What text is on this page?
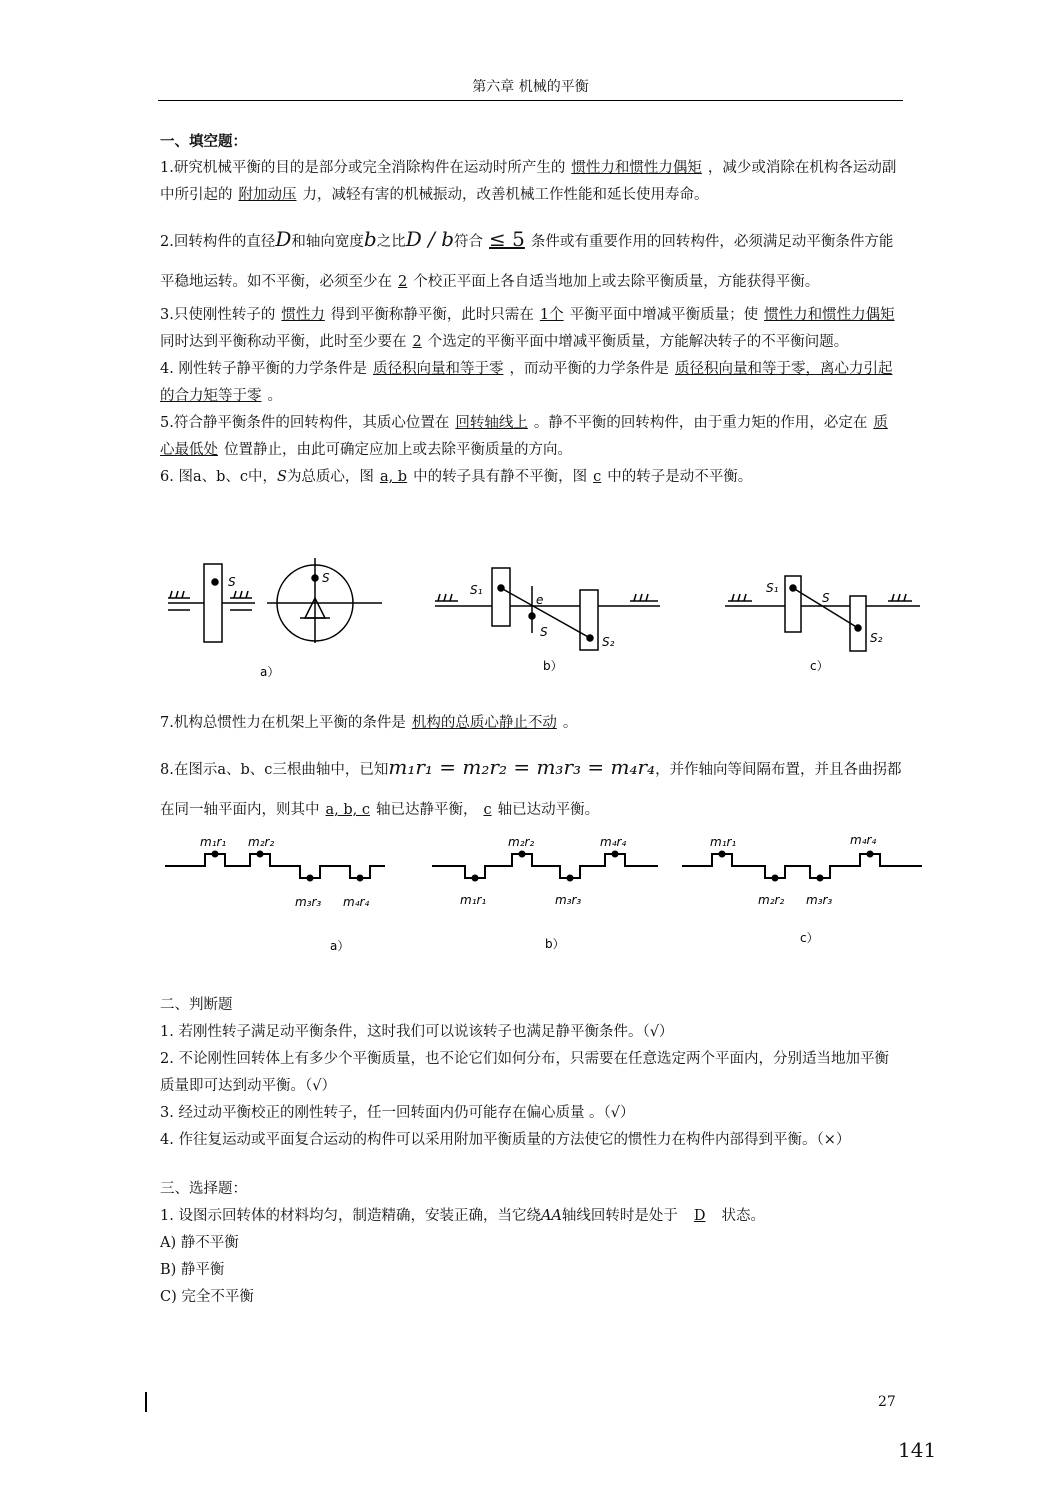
第六章 机械的平衡

一、填空题：

1.研究机械平衡的目的是部分或完全消除构件在运动时所产生的 惯性力和惯性力偶矩 ，减少或消除在机构各运动副中所引起的 附加动压 力，减轻有害的机械振动，改善机械工作性能和延长使用寿命。

2.回转构件的直径D和轴向宽度b之比D / b符合 ≤ 5 条件或有重要作用的回转构件，必须满足动平衡条件方能平稳地运转。如不平衡，必须至少在 2 个校正平面上各自适当地加上或去除平衡质量，方能获得平衡。

3.只使刚性转子的 惯性力 得到平衡称静平衡，此时只需在 1个 平衡平面中增减平衡质量；使 惯性力和惯性力偶矩同时达到平衡称动平衡，此时至少要在 2 个选定的平衡平面中增减平衡质量，方能解决转子的不平衡问题。

4. 刚性转子静平衡的力学条件是 质径积向量和等于零 ，而动平衡的力学条件是 质径积向量和等于零，离心力引起的合力矩等于零 。

5.符合静平衡条件的回转构件，其质心位置在 回转轴线上 。静不平衡的回转构件，由于重力矩的作用，必定在 质心最低处 位置静止，由此可确定应加上或去除平衡质量的方向。

6. 图a、b、c中，S为总质心，图 a, b 中的转子具有静不平衡，图 c 中的转子是动不平衡。

S	S
S₁
e
S
S₂
S₁
S
S₂
a）	b）	c）

7.机构总惯性力在机架上平衡的条件是 机构的总质心静止不动 。

8.在图示a、b、c三根曲轴中，已知m₁r₁ = m₂r₂ = m₃r₃ = m₄r₄，并作轴向等间隔布置，并且各曲拐都在同一轴平面内，则其中 a, b, c 轴已达静平衡， c 轴已达动平衡。

m₁r₁ m₂r₂
m₃r₃ m₄r₄
m₂r₂	m₄r₄
m₁r₁	m₃r₃
m₁r₁	m₄r₄
m₂r₂ m₃r₃
a）	b）	c）

二、判断题

1. 若刚性转子满足动平衡条件，这时我们可以说该转子也满足静平衡条件。（√）

2. 不论刚性回转体上有多少个平衡质量，也不论它们如何分布，只需要在任意选定两个平面内，分别适当地加平衡质量即可达到动平衡。（√）

3. 经过动平衡校正的刚性转子，任一回转面内仍可能存在偏心质量 。（√）

4. 作往复运动或平面复合运动的构件可以采用附加平衡质量的方法使它的惯性力在构件内部得到平衡。（×）

三、选择题：

1. 设图示回转体的材料均匀，制造精确，安装正确，当它绕AA轴线回转时是处于 D 状态。

A) 静不平衡

B) 静平衡

C) 完全不平衡

27
141
